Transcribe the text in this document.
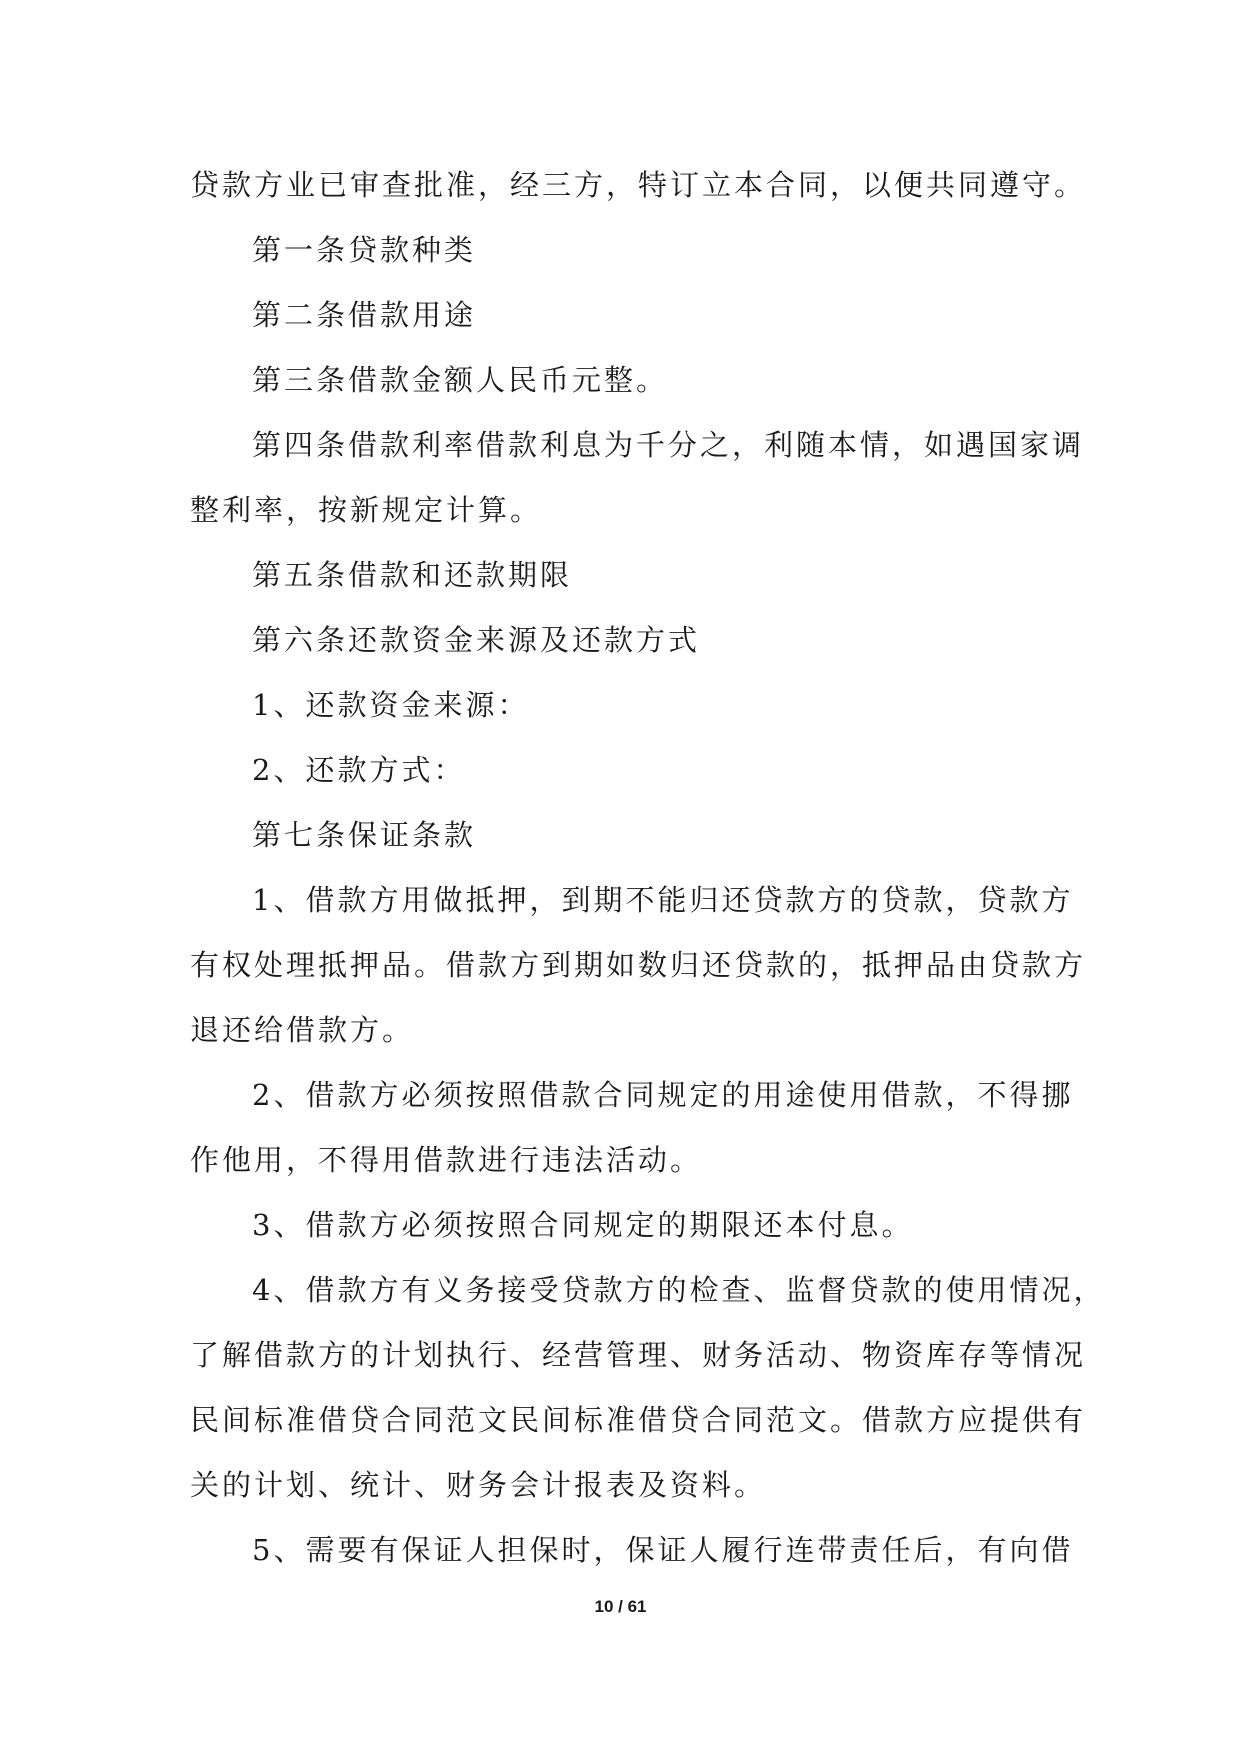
贷款方业已审查批准，经三方，特订立本合同，以便共同遵守。
第一条贷款种类
第二条借款用途
第三条借款金额人民币元整。
第四条借款利率借款利息为千分之，利随本情，如遇国家调
整利率，按新规定计算。
第五条借款和还款期限
第六条还款资金来源及还款方式
1、还款资金来源：
2、还款方式：
第七条保证条款
1、借款方用做抵押，到期不能归还贷款方的贷款，贷款方
有权处理抵押品。借款方到期如数归还贷款的，抵押品由贷款方
退还给借款方。
2、借款方必须按照借款合同规定的用途使用借款，不得挪
作他用，不得用借款进行违法活动。
3、借款方必须按照合同规定的期限还本付息。
4、借款方有义务接受贷款方的检查、监督贷款的使用情况，
了解借款方的计划执行、经营管理、财务活动、物资库存等情况
民间标准借贷合同范文民间标准借贷合同范文。借款方应提供有
关的计划、统计、财务会计报表及资料。
5、需要有保证人担保时，保证人履行连带责任后，有向借
10 / 61
